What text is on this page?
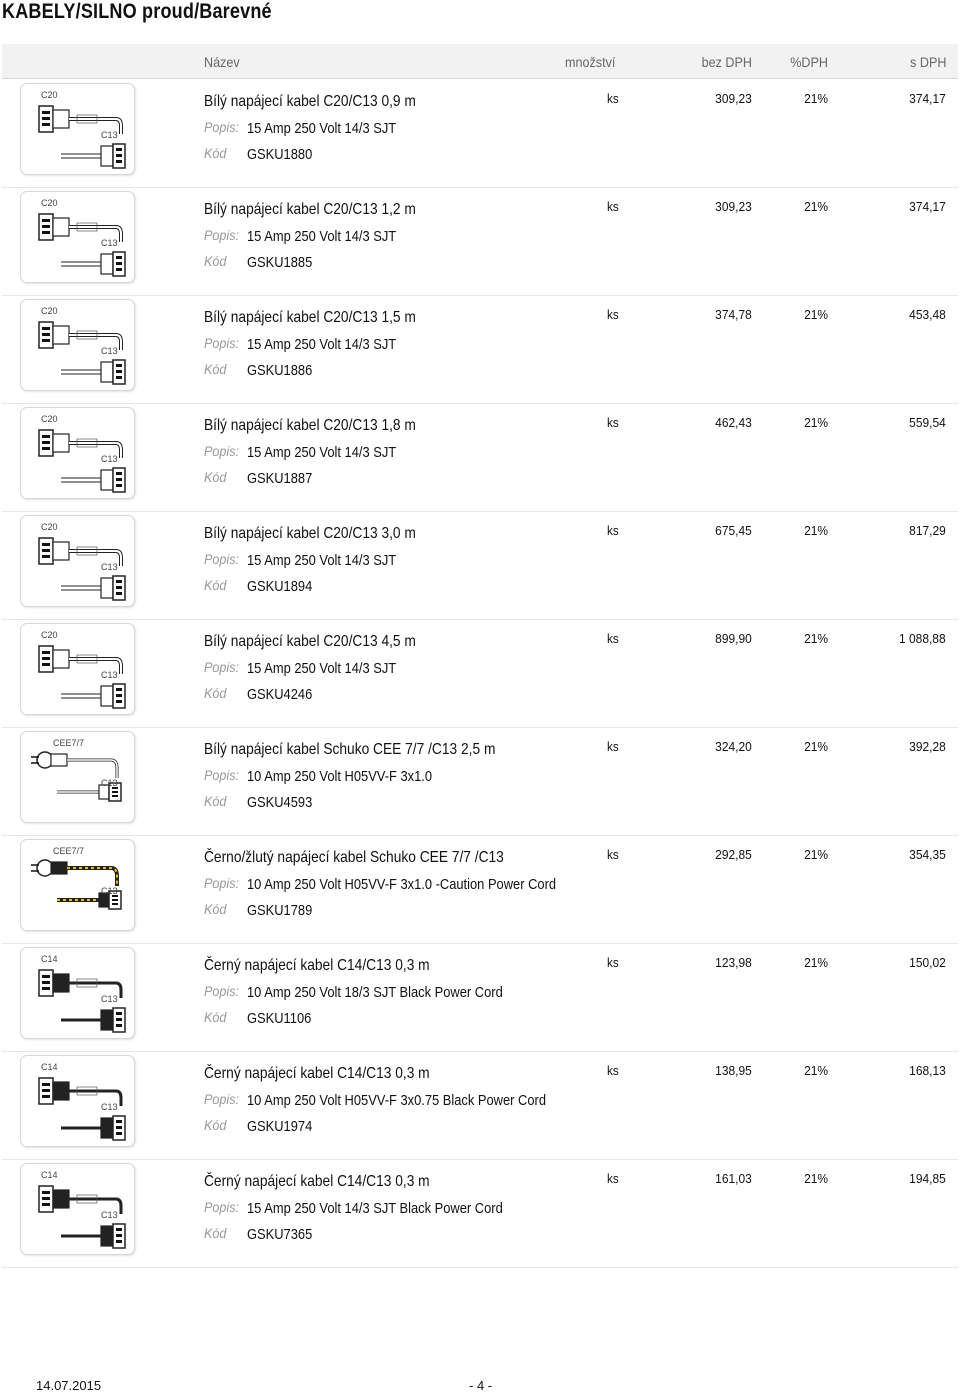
KABELY/SILNO proud/Barevné
Název	množství	bez DPH	%DPH	s DPH
C20
C13
Bílý napájecí kabel C20/C13 0,9 m
Popis: 15 Amp 250 Volt 14/3 SJT
Kód GSKU1880
ks	309,23	21%	374,17
C20
C13
Bílý napájecí kabel C20/C13 1,2 m
Popis: 15 Amp 250 Volt 14/3 SJT
Kód GSKU1885
ks	309,23	21%	374,17
C20
C13
Bílý napájecí kabel C20/C13 1,5 m
Popis: 15 Amp 250 Volt 14/3 SJT
Kód GSKU1886
ks	374,78	21%	453,48
C20
C13
Bílý napájecí kabel C20/C13 1,8 m
Popis: 15 Amp 250 Volt 14/3 SJT
Kód GSKU1887
ks	462,43	21%	559,54
C20
C13
Bílý napájecí kabel C20/C13 3,0 m
Popis: 15 Amp 250 Volt 14/3 SJT
Kód GSKU1894
ks	675,45	21%	817,29
C20
C13
Bílý napájecí kabel C20/C13 4,5 m
Popis: 15 Amp 250 Volt 14/3 SJT
Kód GSKU4246
ks	899,90	21%	1 088,88
CEE7/7
C13
Bílý napájecí kabel Schuko CEE 7/7 /C13 2,5 m
Popis: 10 Amp 250 Volt H05VV-F 3x1.0
Kód GSKU4593
ks	324,20	21%	392,28
CEE7/7
C13
Černo/žlutý napájecí kabel Schuko CEE 7/7 /C13
Popis: 10 Amp 250 Volt H05VV-F 3x1.0 -Caution Power Cord
Kód GSKU1789
ks	292,85	21%	354,35
C14
C13
Černý napájecí kabel C14/C13 0,3 m
Popis: 10 Amp 250 Volt 18/3 SJT Black Power Cord
Kód GSKU1106
ks	123,98	21%	150,02
C14
C13
Černý napájecí kabel C14/C13 0,3 m
Popis: 10 Amp 250 Volt H05VV-F 3x0.75 Black Power Cord
Kód GSKU1974
ks	138,95	21%	168,13
C14
C13
Černý napájecí kabel C14/C13 0,3 m
Popis: 15 Amp 250 Volt 14/3 SJT Black Power Cord
Kód GSKU7365
ks	161,03	21%	194,85
14.07.2015	- 4 -
